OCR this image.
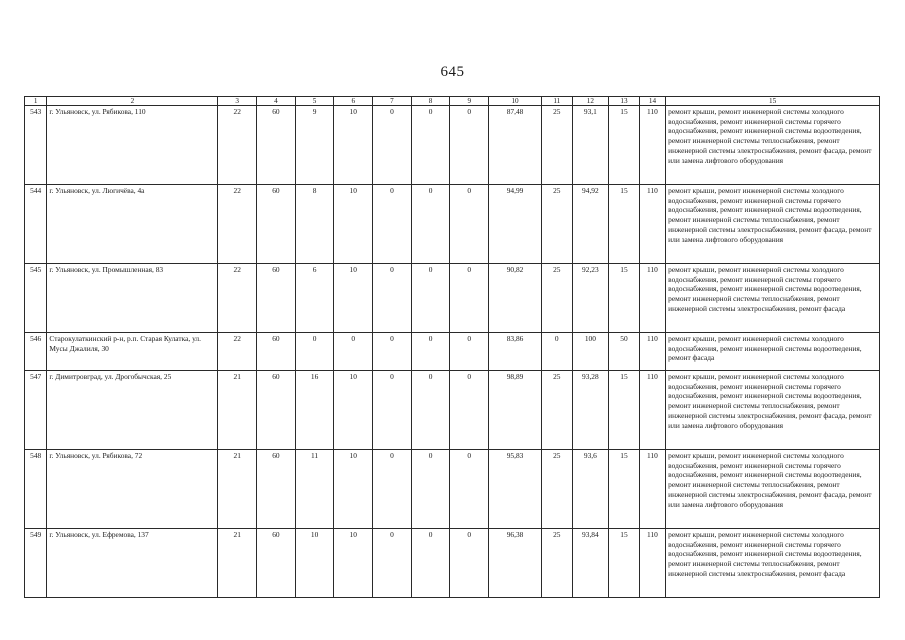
645
1	2	3	4	5	6	7	8	9	10	11	12	13	14	15
543	г. Ульяновск, ул. Рябикова, 110	22	60	9	10	0	0	0	87,48	25	93,1	15	110	ремонт крыши, ремонт инженерной системы холодного водоснабжения, ремонт инженерной системы горячего водоснабжения, ремонт инженерной системы водоотведения, ремонт инженерной системы теплоснабжения, ремонт инженерной системы электроснабжения, ремонт фасада, ремонт или замена лифтового оборудования
544	г. Ульяновск, ул. Люгичёва, 4а	22	60	8	10	0	0	0	94,99	25	94,92	15	110	ремонт крыши, ремонт инженерной системы холодного водоснабжения, ремонт инженерной системы горячего водоснабжения, ремонт инженерной системы водоотведения, ремонт инженерной системы теплоснабжения, ремонт инженерной системы электроснабжения, ремонт фасада, ремонт или замена лифтового оборудования
545	г. Ульяновск, ул. Промышленная, 83	22	60	6	10	0	0	0	90,82	25	92,23	15	110	ремонт крыши, ремонт инженерной системы холодного водоснабжения, ремонт инженерной системы горячего водоснабжения, ремонт инженерной системы водоотведения, ремонт инженерной системы теплоснабжения, ремонт инженерной системы электроснабжения, ремонт фасада
546	Старокулаткинский р-н, р.п. Старая Кулатка, ул. Мусы Джалиля, 30	22	60	0	0	0	0	0	83,86	0	100	50	110	ремонт крыши, ремонт инженерной системы холодного водоснабжения, ремонт инженерной системы водоотведения, ремонт фасада
547	г. Димитровград, ул. Дрогобычская, 25	21	60	16	10	0	0	0	98,89	25	93,28	15	110	ремонт крыши, ремонт инженерной системы холодного водоснабжения, ремонт инженерной системы горячего водоснабжения, ремонт инженерной системы водоотведения, ремонт инженерной системы теплоснабжения, ремонт инженерной системы электроснабжения, ремонт фасада, ремонт или замена лифтового оборудования
548	г. Ульяновск, ул. Рябикова, 72	21	60	11	10	0	0	0	95,83	25	93,6	15	110	ремонт крыши, ремонт инженерной системы холодного водоснабжения, ремонт инженерной системы горячего водоснабжения, ремонт инженерной системы водоотведения, ремонт инженерной системы теплоснабжения, ремонт инженерной системы электроснабжения, ремонт фасада, ремонт или замена лифтового оборудования
549	г. Ульяновск, ул. Ефремова, 137	21	60	10	10	0	0	0	96,38	25	93,84	15	110	ремонт крыши, ремонт инженерной системы холодного водоснабжения, ремонт инженерной системы горячего водоснабжения, ремонт инженерной системы водоотведения, ремонт инженерной системы теплоснабжения, ремонт инженерной системы электроснабжения, ремонт фасада
